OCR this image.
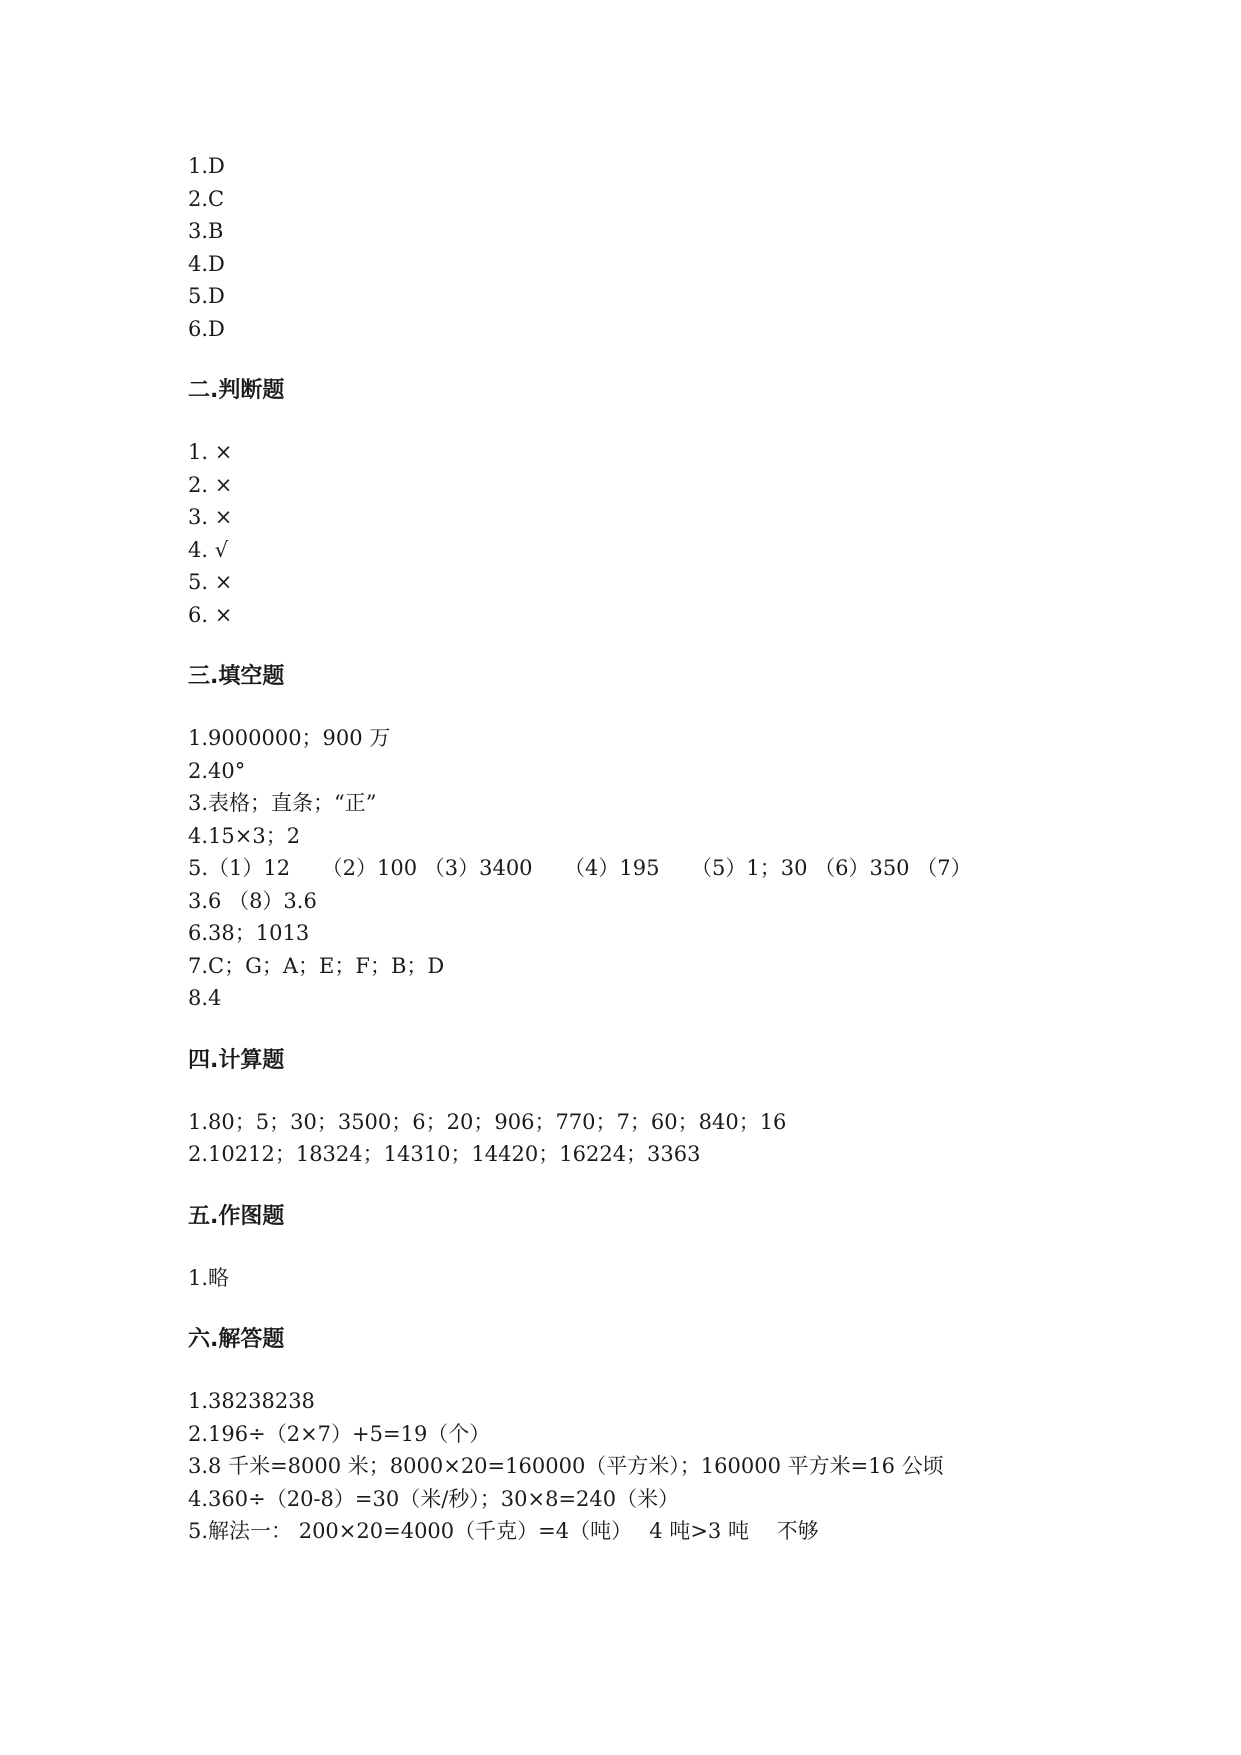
1.D
2.C
3.B
4.D
5.D
6.D
二.判断题
1. ×
2. ×
3. ×
4. √
5. ×
6. ×
三.填空题
1.9000000；900 万
2.40°
3.表格；直条；“正”
4.15×3；2
5.（1）12　　（2）100 （3）3400　　（4）195　　（5）1；30 （6）350 （7）
3.6 （8）3.6
6.38；1013
7.C；G；A；E；F；B；D
8.4
四.计算题
1.80；5；30；3500；6；20；906；770；7；60；840；16
2.10212；18324；14310；14420；16224；3363
五.作图题
1.略
六.解答题
1.38238238
2.196÷（2×7）+5=19（个）
3.8 千米=8000 米；8000×20=160000（平方米）；160000 平方米=16 公顷
4.360÷（20-8）=30（米/秒）；30×8=240（米）
5.解法一： 200×20=4000（千克）=4（吨）　 4 吨>3 吨　 不够
